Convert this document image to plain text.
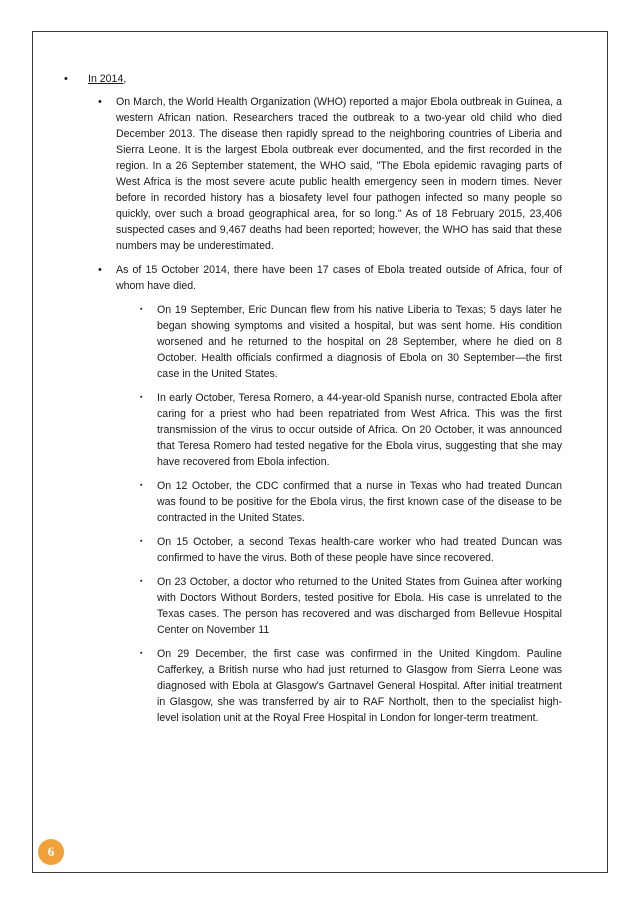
• In 2014,
• On March, the World Health Organization (WHO) reported a major Ebola outbreak in Guinea, a western African nation. Researchers traced the outbreak to a two-year old child who died December 2013. The disease then rapidly spread to the neighboring countries of Liberia and Sierra Leone. It is the largest Ebola outbreak ever documented, and the first recorded in the region. In a 26 September statement, the WHO said, "The Ebola epidemic ravaging parts of West Africa is the most severe acute public health emergency seen in modern times. Never before in recorded history has a biosafety level four pathogen infected so many people so quickly, over such a broad geographical area, for so long." As of 18 February 2015, 23,406 suspected cases and 9,467 deaths had been reported; however, the WHO has said that these numbers may be underestimated.
• As of 15 October 2014, there have been 17 cases of Ebola treated outside of Africa, four of whom have died.
▪ On 19 September, Eric Duncan flew from his native Liberia to Texas; 5 days later he began showing symptoms and visited a hospital, but was sent home. His condition worsened and he returned to the hospital on 28 September, where he died on 8 October. Health officials confirmed a diagnosis of Ebola on 30 September—the first case in the United States.
▪ In early October, Teresa Romero, a 44-year-old Spanish nurse, contracted Ebola after caring for a priest who had been repatriated from West Africa. This was the first transmission of the virus to occur outside of Africa. On 20 October, it was announced that Teresa Romero had tested negative for the Ebola virus, suggesting that she may have recovered from Ebola infection.
▪ On 12 October, the CDC confirmed that a nurse in Texas who had treated Duncan was found to be positive for the Ebola virus, the first known case of the disease to be contracted in the United States.
▪ On 15 October, a second Texas health-care worker who had treated Duncan was confirmed to have the virus. Both of these people have since recovered.
▪ On 23 October, a doctor who returned to the United States from Guinea after working with Doctors Without Borders, tested positive for Ebola. His case is unrelated to the Texas cases. The person has recovered and was discharged from Bellevue Hospital Center on November 11
▪ On 29 December, the first case was confirmed in the United Kingdom. Pauline Cafferkey, a British nurse who had just returned to Glasgow from Sierra Leone was diagnosed with Ebola at Glasgow's Gartnavel General Hospital. After initial treatment in Glasgow, she was transferred by air to RAF Northolt, then to the specialist high-level isolation unit at the Royal Free Hospital in London for longer-term treatment.
6
